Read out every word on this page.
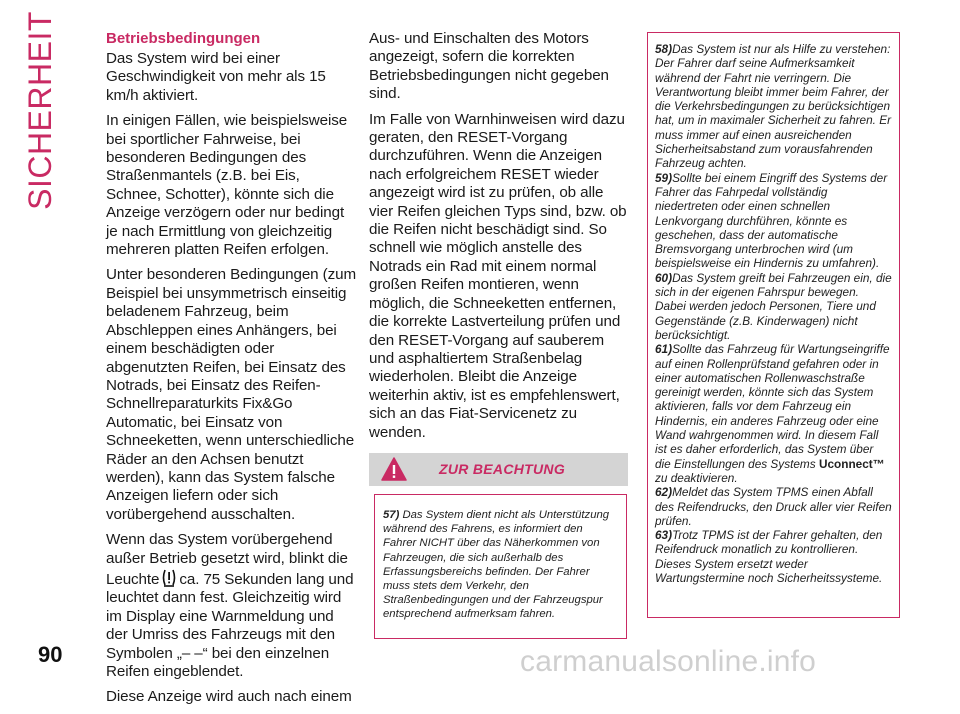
SICHERHEIT	Betriebsbedingungen

Das System wird bei einer Geschwindigkeit von mehr als 15 km/h aktiviert.

In einigen Fällen, wie beispielsweise bei sportlicher Fahrweise, bei besonderen Bedingungen des Straßenmantels (z.B. bei Eis, Schnee, Schotter), könnte sich die Anzeige verzögern oder nur bedingt je nach Ermittlung von gleichzeitig mehreren platten Reifen erfolgen.

Unter besonderen Bedingungen (zum Beispiel bei unsymmetrisch einseitig beladenem Fahrzeug, beim Abschleppen eines Anhängers, bei einem beschädigten oder abgenutzten Reifen, bei Einsatz des Notrads, bei Einsatz des Reifen-Schnellreparaturkits Fix&Go Automatic, bei Einsatz von Schneeketten, wenn unterschiedliche Räder an den Achsen benutzt werden), kann das System falsche Anzeigen liefern oder sich vorübergehend ausschalten.

Wenn das System vorübergehend außer Betrieb gesetzt wird, blinkt die Leuchte ca. 75 Sekunden lang und leuchtet dann fest. Gleichzeitig wird im Display eine Warnmeldung und der Umriss des Fahrzeugs mit den Symbolen „– –“ bei den einzelnen Reifen eingeblendet.

Diese Anzeige wird auch nach einem

Aus- und Einschalten des Motors angezeigt, sofern die korrekten Betriebsbedingungen nicht gegeben sind.

Im Falle von Warnhinweisen wird dazu geraten, den RESET-Vorgang durchzuführen. Wenn die Anzeigen nach erfolgreichem RESET wieder angezeigt wird ist zu prüfen, ob alle vier Reifen gleichen Typs sind, bzw. ob die Reifen nicht beschädigt sind. So schnell wie möglich anstelle des Notrads ein Rad mit einem normal großen Reifen montieren, wenn möglich, die Schneeketten entfernen, die korrekte Lastverteilung prüfen und den RESET-Vorgang auf sauberem und asphaltiertem Straßenbelag wiederholen. Bleibt die Anzeige weiterhin aktiv, ist es empfehlenswert, sich an das Fiat-Servicenetz zu wenden.

ZUR BEACHTUNG
57) Das System dient nicht als Unterstützung während des Fahrens, es informiert den Fahrer NICHT über das Näherkommen von Fahrzeugen, die sich außerhalb des Erfassungsbereichs befinden. Der Fahrer muss stets dem Verkehr, den Straßenbedingungen und der Fahrzeugspur entsprechend aufmerksam fahren.

58)Das System ist nur als Hilfe zu verstehen: Der Fahrer darf seine Aufmerksamkeit während der Fahrt nie verringern. Die Verantwortung bleibt immer beim Fahrer, der die Verkehrsbedingungen zu berücksichtigen hat, um in maximaler Sicherheit zu fahren. Er muss immer auf einen ausreichenden Sicherheitsabstand zum vorausfahrenden Fahrzeug achten.

59)Sollte bei einem Eingriff des Systems der Fahrer das Fahrpedal vollständig niedertreten oder einen schnellen Lenkvorgang durchführen, könnte es geschehen, dass der automatische Bremsvorgang unterbrochen wird (um beispielsweise ein Hindernis zu umfahren).

60)Das System greift bei Fahrzeugen ein, die sich in der eigenen Fahrspur bewegen. Dabei werden jedoch Personen, Tiere und Gegenstände (z.B. Kinderwagen) nicht berücksichtigt.

61)Sollte das Fahrzeug für Wartungseingriffe auf einen Rollenprüfstand gefahren oder in einer automatischen Rollenwaschstraße gereinigt werden, könnte sich das System aktivieren, falls vor dem Fahrzeug ein Hindernis, ein anderes Fahrzeug oder eine Wand wahrgenommen wird. In diesem Fall ist es daher erforderlich, das System über die Einstellungen des Systems Uconnect™ zu deaktivieren.

62)Meldet das System TPMS einen Abfall des Reifendrucks, den Druck aller vier Reifen prüfen.

63)Trotz TPMS ist der Fahrer gehalten, den Reifendruck monatlich zu kontrollieren. Dieses System ersetzt weder Wartungstermine noch Sicherheitssysteme.

90	carmanualsonline.info
